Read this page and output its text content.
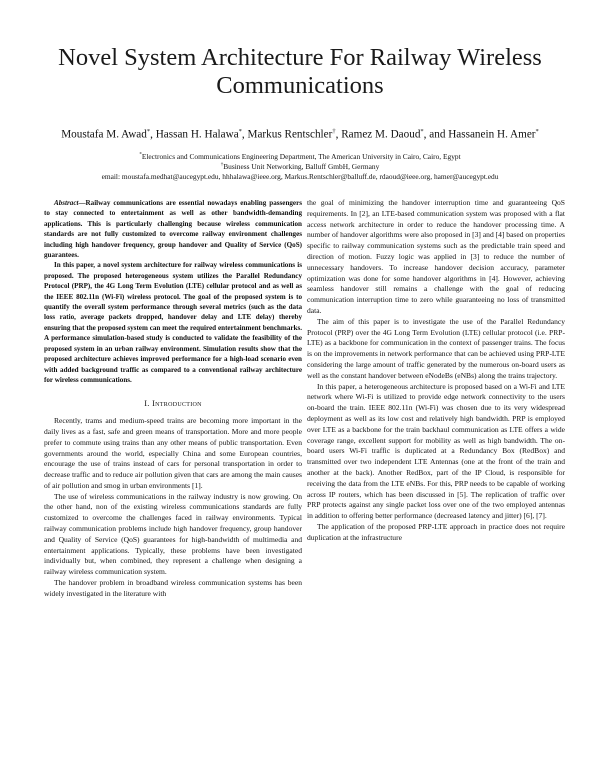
Novel System Architecture For Railway Wireless
Communications
Moustafa M. Awad*, Hassan H. Halawa*, Markus Rentschler†, Ramez M. Daoud*, and Hassanein H. Amer*
*Electronics and Communications Engineering Department, The American University in Cairo, Cairo, Egypt
†Business Unit Networking, Balluff GmbH, Germany
email: moustafa.medhat@aucegypt.edu, hhhalawa@ieee.org, Markus.Rentschler@balluff.de, rdaoud@ieee.org, hamer@aucegypt.edu

Abstract—Railway communications are essential nowadays enabling passengers to stay connected to entertainment as well as other bandwidth-demanding applications. This is particularly challenging because wireless communication standards are not fully customized to overcome railway environment challenges including high handover frequency, group handover and Quality of Service (QoS) guarantees.

In this paper, a novel system architecture for railway wireless communications is proposed. The proposed heterogeneous system utilizes the Parallel Redundancy Protocol (PRP), the 4G Long Term Evolution (LTE) cellular protocol and as well as the IEEE 802.11n (Wi-Fi) wireless protocol. The goal of the proposed system is to quantify the overall system performance through several metrics (such as the data loss ratio, average packets dropped, handover delay and LTE delay) thereby ensuring that the proposed system can meet the required entertainment benchmarks. A performance simulation-based study is conducted to validate the feasibility of the proposed system in an urban railway environment. Simulation results show that the proposed architecture achieves improved performance for a high-load scenario even with added background traffic as compared to a conventional railway architecture for wireless communications.

I. Introduction

Recently, trams and medium-speed trains are becoming more important in the daily lives as a fast, safe and green means of transportation. More and more people prefer to commute using trains than any other means of public transportation. Even governments around the world, especially China and some European countries, encourage the use of trains instead of cars for personal transportation in order to decrease traffic and to reduce air pollution given that cars are among the main causes of air pollution and smog in urban environments [1].

The use of wireless communications in the railway industry is now growing. On the other hand, non of the existing wireless communications standards are fully customized to overcome the challenges faced in railway environments. Typical railway communication problems include high handover frequency, group handover and Quality of Service (QoS) guarantees for high-bandwidth of multimedia and entertainment applications. Typically, these problems have been investigated individually but, when combined, they represent a challenge when designing a railway wireless communication system.

The handover problem in broadband wireless communication systems has been widely investigated in the literature with

the goal of minimizing the handover interruption time and guaranteeing QoS requirements. In [2], an LTE-based communication system was proposed with a flat access network architecture in order to reduce the handover processing time. A number of handover algorithms were also proposed in [3] and [4] based on properties specific to railway communication systems such as the predictable train speed and direction of motion. Fuzzy logic was applied in [3] to reduce the number of unnecessary handovers. To increase handover decision accuracy, parameter optimization was done for some handover algorithms in [4]. However, achieving seamless handover still remains a challenge with the goal of reducing communication interruption time to zero while guaranteeing no loss of transmitted data.

The aim of this paper is to investigate the use of the Parallel Redundancy Protocol (PRP) over the 4G Long Term Evolution (LTE) cellular protocol (i.e. PRP-LTE) as a backbone for communication in the context of passenger trains. The focus is on the improvements in network performance that can be achieved using PRP-LTE considering the large amount of traffic generated by the numerous on-board users as well as the constant handover between eNodeBs (eNBs) along the trains trajectory.

In this paper, a heterogeneous architecture is proposed based on a Wi-Fi and LTE network where Wi-Fi is utilized to provide edge network connectivity to the users on-board the train. IEEE 802.11n (Wi-Fi) was chosen due to its very widespread deployment as well as its low cost and relatively high bandwidth. PRP is employed over LTE as a backbone for the train backhaul communication as LTE offers a wide coverage range, excellent support for mobility as well as high bandwidth. The on-board users Wi-Fi traffic is duplicated at a Redundancy Box (RedBox) and transmitted over two independent LTE Antennas (one at the front of the train and another at the back). Another RedBox, part of the IP Cloud, is responsible for receiving the data from the LTE eNBs. For this, PRP needs to be capable of working across IP routers, which has been discussed in [5]. The replication of traffic over PRP protects against any single packet loss over one of the two employed antennas in addition to offering better performance (decreased latency and jitter) [6], [7].

The application of the proposed PRP-LTE approach in practice does not require duplication at the infrastructure
